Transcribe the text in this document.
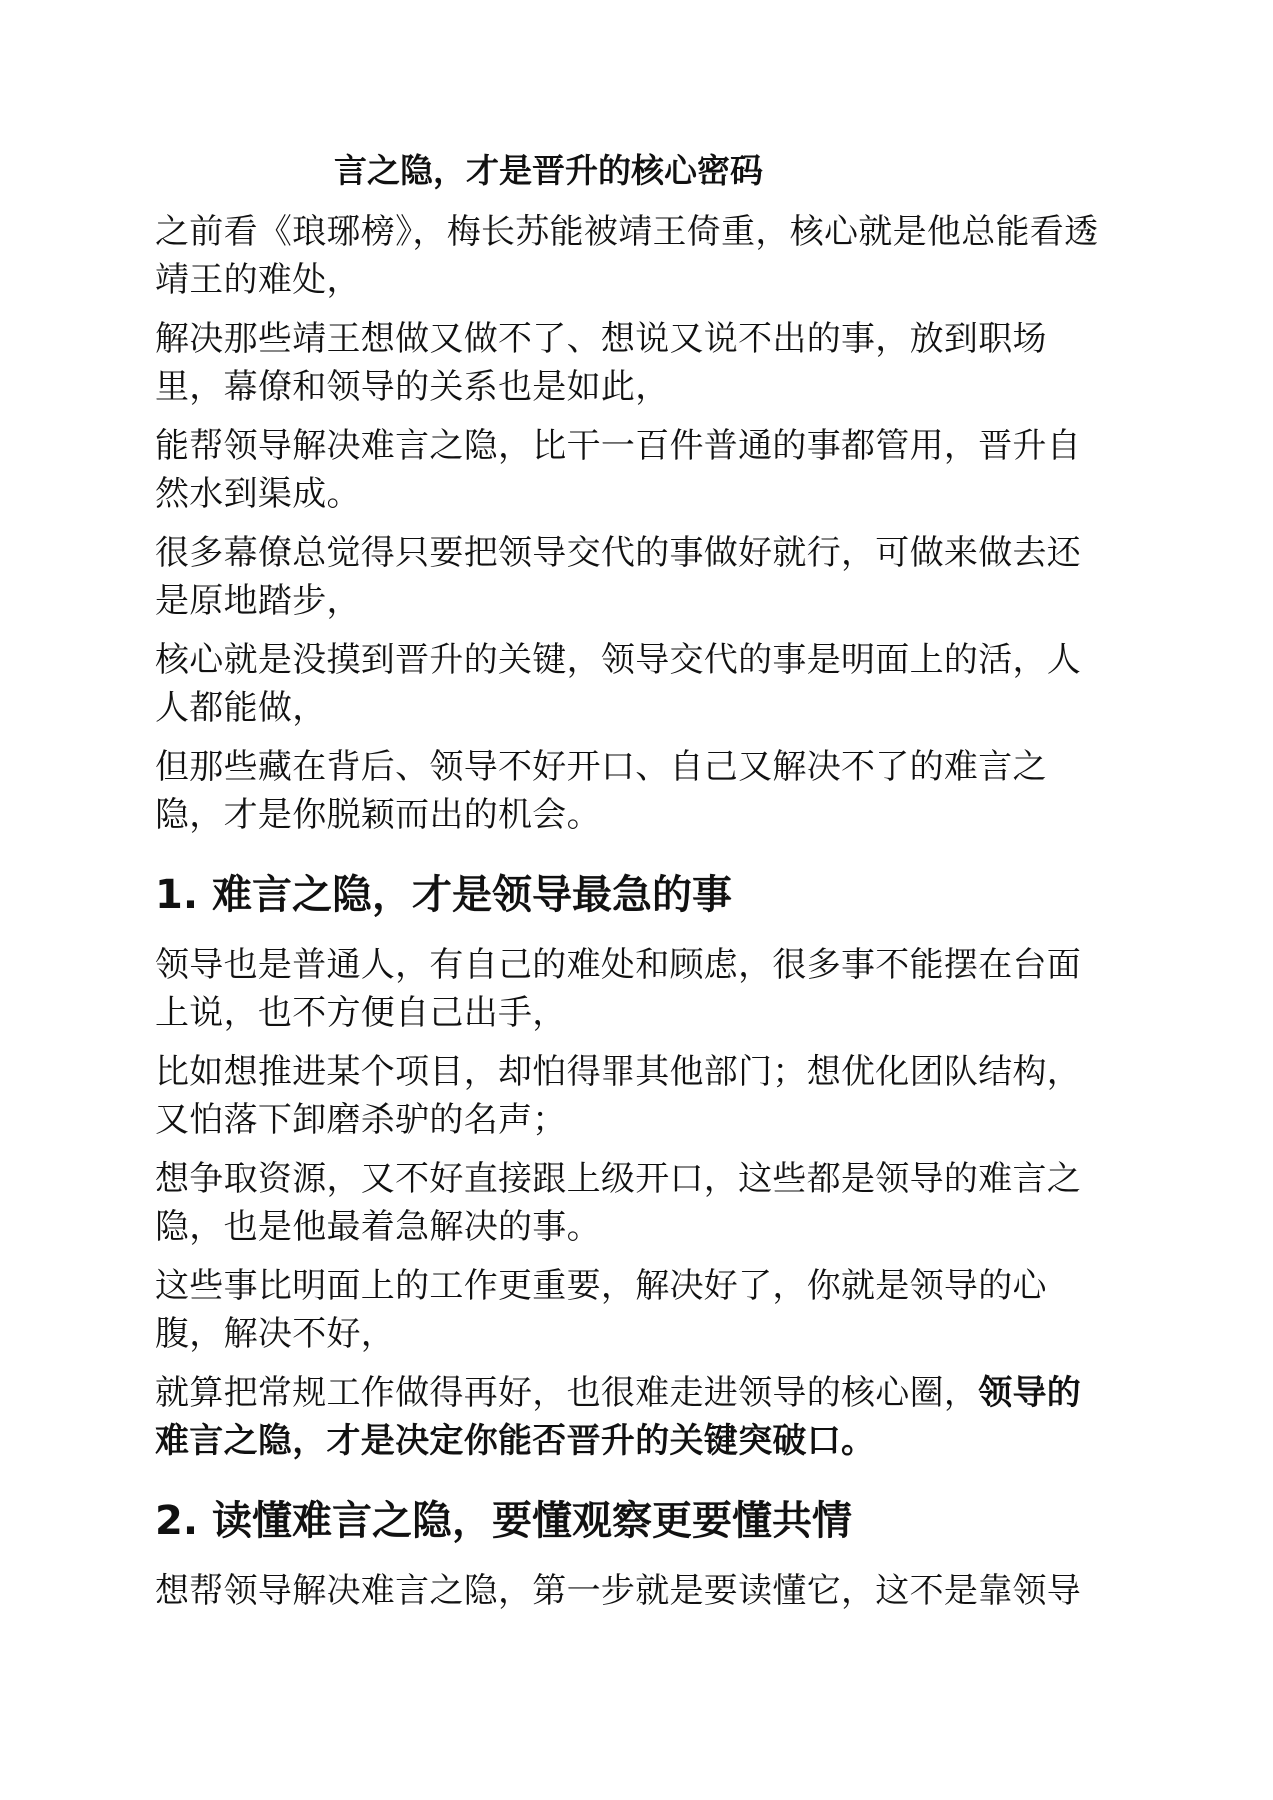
言之隐，才是晋升的核心密码

之前看《琅琊榜》，梅长苏能被靖王倚重，核心就是他总能看透靖王的难处，

解决那些靖王想做又做不了、想说又说不出的事，放到职场里，幕僚和领导的关系也是如此，

能帮领导解决难言之隐，比干一百件普通的事都管用，晋升自然水到渠成。

很多幕僚总觉得只要把领导交代的事做好就行，可做来做去还是原地踏步，

核心就是没摸到晋升的关键，领导交代的事是明面上的活，人人都能做，

但那些藏在背后、领导不好开口、自己又解决不了的难言之隐，才是你脱颖而出的机会。

1. 难言之隐，才是领导最急的事

领导也是普通人，有自己的难处和顾虑，很多事不能摆在台面上说，也不方便自己出手，

比如想推进某个项目，却怕得罪其他部门；想优化团队结构，又怕落下卸磨杀驴的名声；

想争取资源，又不好直接跟上级开口，这些都是领导的难言之隐，也是他最着急解决的事。

这些事比明面上的工作更重要，解决好了，你就是领导的心腹，解决不好，

就算把常规工作做得再好，也很难走进领导的核心圈，领导的难言之隐，才是决定你能否晋升的关键突破口。

2. 读懂难言之隐，要懂观察更要懂共情

想帮领导解决难言之隐，第一步就是要读懂它，这不是靠领导
